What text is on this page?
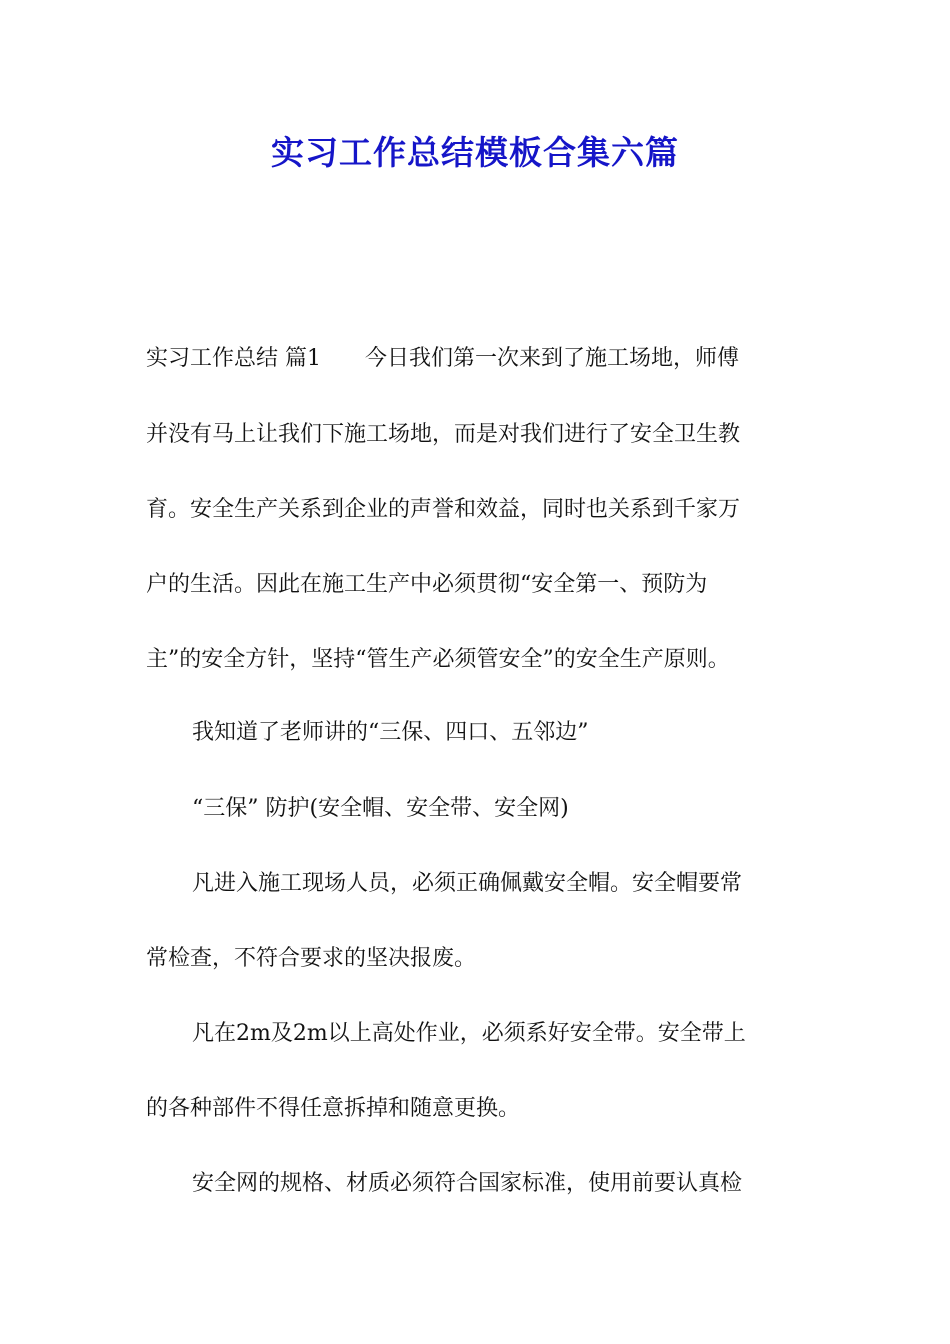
实习工作总结模板合集六篇
实习工作总结 篇1　　今日我们第一次来到了施工场地，师傅
并没有马上让我们下施工场地，而是对我们进行了安全卫生教
育。安全生产关系到企业的声誉和效益，同时也关系到千家万
户的生活。因此在施工生产中必须贯彻“安全第一、预防为
主”的安全方针，坚持“管生产必须管安全”的安全生产原则。
我知道了老师讲的“三保、四口、五邻边”
“三保” 防护(安全帽、安全带、安全网)
凡进入施工现场人员，必须正确佩戴安全帽。安全帽要常
常检查，不符合要求的坚决报废。
凡在2m及2m以上高处作业，必须系好安全带。安全带上
的各种部件不得任意拆掉和随意更换。
安全网的规格、材质必须符合国家标准，使用前要认真检
